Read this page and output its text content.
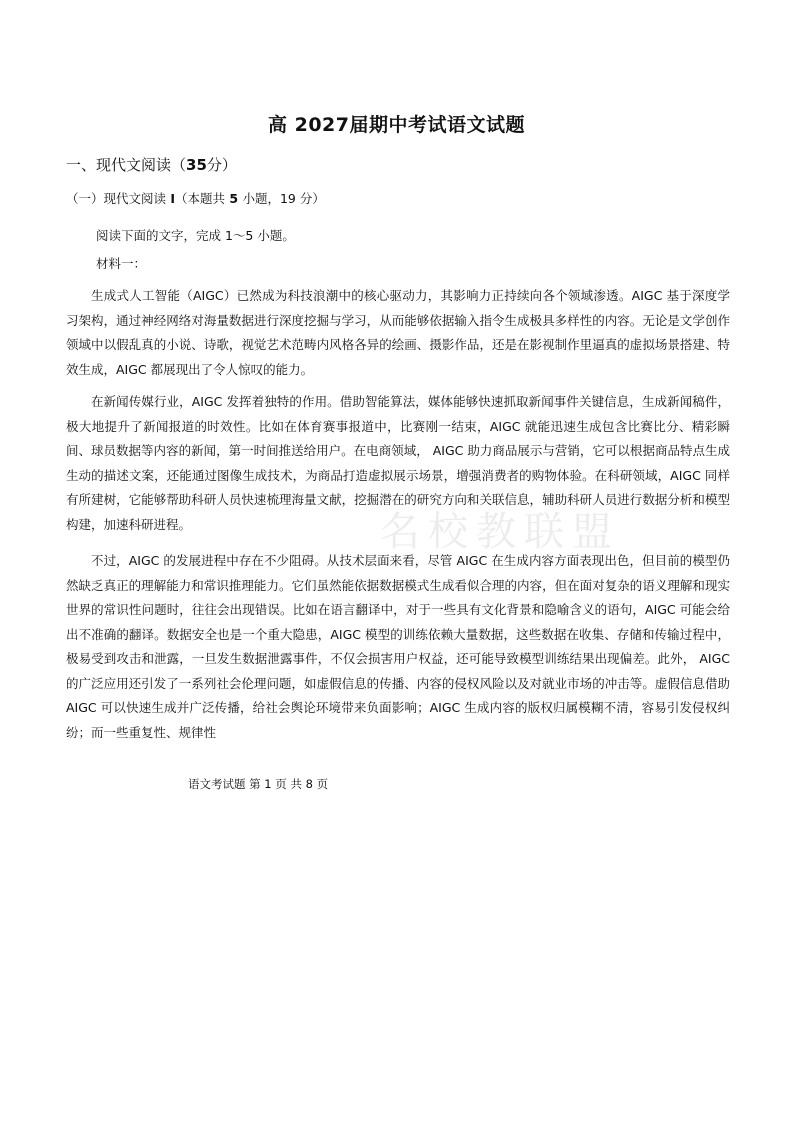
高 2027届期中考试语文试题
一、现代文阅读（35分）
（一）现代文阅读 I（本题共 5 小题，19 分）
阅读下面的文字，完成 1～5 小题。
材料一：

生成式人工智能（AIGC）已然成为科技浪潮中的核心驱动力，其影响力正持续向各个领域渗透。AIGC 基于深度学习架构，通过神经网络对海量数据进行深度挖掘与学习，从而能够依据输入指令生成极具多样性的内容。无论是文学创作领域中以假乱真的小说、诗歌，视觉艺术范畴内风格各异的绘画、摄影作品，还是在影视制作里逼真的虚拟场景搭建、特效生成，AIGC 都展现出了令人惊叹的能力。

在新闻传媒行业，AIGC 发挥着独特的作用。借助智能算法，媒体能够快速抓取新闻事件关键信息，生成新闻稿件，极大地提升了新闻报道的时效性。比如在体育赛事报道中，比赛刚一结束，AIGC 就能迅速生成包含比赛比分、精彩瞬间、球员数据等内容的新闻，第一时间推送给用户。在电商领域， AIGC 助力商品展示与营销，它可以根据商品特点生成生动的描述文案，还能通过图像生成技术，为商品打造虚拟展示场景，增强消费者的购物体验。在科研领域，AIGC 同样有所建树，它能够帮助科研人员快速梳理海量文献，挖掘潜在的研究方向和关联信息，辅助科研人员进行数据分析和模型构建，加速科研进程。

不过，AIGC 的发展进程中存在不少阻碍。从技术层面来看，尽管 AIGC 在生成内容方面表现出色，但目前的模型仍然缺乏真正的理解能力和常识推理能力。它们虽然能依据数据模式生成看似合理的内容，但在面对复杂的语义理解和现实世界的常识性问题时，往往会出现错误。比如在语言翻译中，对于一些具有文化背景和隐喻含义的语句，AIGC 可能会给出不准确的翻译。数据安全也是一个重大隐患，AIGC 模型的训练依赖大量数据，这些数据在收集、存储和传输过程中，极易受到攻击和泄露，一旦发生数据泄露事件，不仅会损害用户权益，还可能导致模型训练结果出现偏差。此外， AIGC 的广泛应用还引发了一系列社会伦理问题，如虚假信息的传播、内容的侵权风险以及对就业市场的冲击等。虚假信息借助 AIGC 可以快速生成并广泛传播，给社会舆论环境带来负面影响；AIGC 生成内容的版权归属模糊不清，容易引发侵权纠纷；而一些重复性、规律性

名校教联盟
语文考试题 第 1 页 共 8 页
